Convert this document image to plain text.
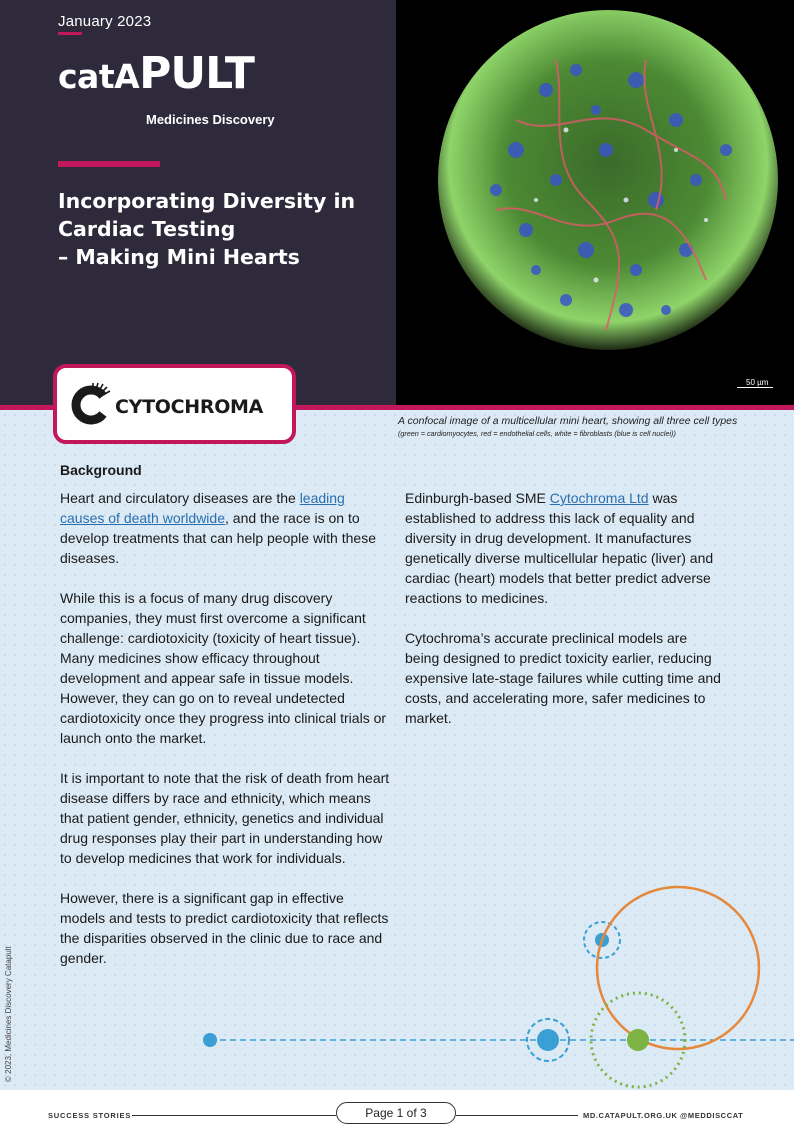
January 2023
catAPULT
Medicines Discovery
Incorporating Diversity in
Cardiac Testing
– Making Mini Hearts
50 µm
CYTOCHROMA
A confocal image of a multicellular mini heart, showing all three cell types
(green = cardiomyocytes, red = endothelial cells, white = fibroblasts (blue is cell nuclei))
Background

Heart and circulatory diseases are the leading causes of death worldwide, and the race is on to develop treatments that can help people with these diseases.

While this is a focus of many drug discovery companies, they must first overcome a significant challenge: cardiotoxicity (toxicity of heart tissue). Many medicines show efficacy throughout development and appear safe in tissue models. However, they can go on to reveal undetected cardiotoxicity once they progress into clinical trials or launch onto the market.

It is important to note that the risk of death from heart disease differs by race and ethnicity, which means that patient gender, ethnicity, genetics and individual drug responses play their part in understanding how to develop medicines that work for individuals.

However, there is a significant gap in effective models and tests to predict cardiotoxicity that reflects the disparities observed in the clinic due to race and gender.

Edinburgh-based SME Cytochroma Ltd was established to address this lack of equality and diversity in drug development. It manufactures genetically diverse multicellular hepatic (liver) and cardiac (heart) models that better predict adverse reactions to medicines.

Cytochroma’s accurate preclinical models are being designed to predict toxicity earlier, reducing expensive late-stage failures while cutting time and costs, and accelerating more, safer medicines to market.

© 2023, Medicines Discovery Catapult
SUCCESS STORIES	Page 1 of 3	MD.CATAPULT.ORG.UK @MEDDISCCAT
